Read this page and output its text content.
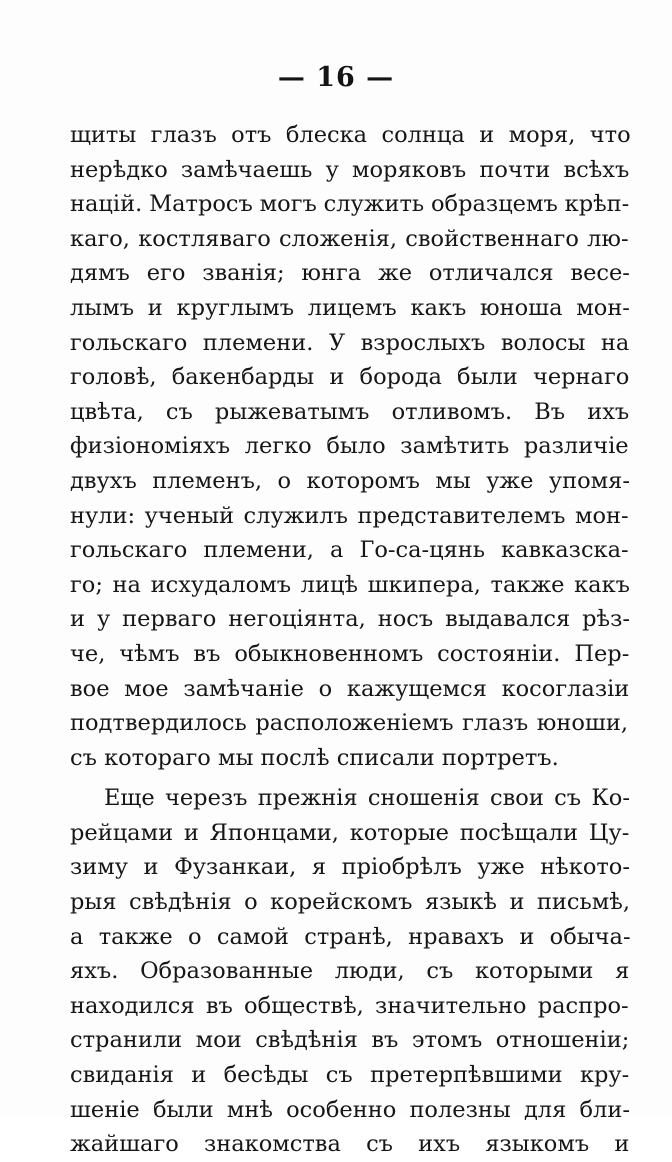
— 16 —
щиты глазъ отъ блеска солнца и моря, что
нерѣдко замѣчаешь у моряковъ почти всѣхъ
націй. Матросъ могъ служить образцемъ крѣп-
каго, костляваго сложенія, свойственнаго лю-
дямъ его званія; юнга же отличался весе-
лымъ и круглымъ лицемъ какъ юноша мон-
гольскаго племени. У взрослыхъ волосы на
головѣ, бакенбарды и борода были чернаго
цвѣта, съ рыжеватымъ отливомъ. Въ ихъ
физіономіяхъ легко было замѣтить различіе
двухъ племенъ, о которомъ мы уже упомя-
нули: ученый служилъ представителемъ мон-
гольскаго племени, а Го-са-цянь кавказска-
го; на исхудаломъ лицѣ шкипера, также какъ
и у перваго негоціянта, носъ выдавался рѣз-
че, чѣмъ въ обыкновенномъ состояніи. Пер-
вое мое замѣчаніе о кажущемся косоглазіи
подтвердилось расположеніемъ глазъ юноши,
съ котораго мы послѣ списали портретъ.
Еще черезъ прежнія сношенія свои съ Ко-
рейцами и Японцами, которые посѣщали Цу-
зиму и Фузанкаи, я пріобрѣлъ уже нѣкото-
рыя свѣдѣнія о корейскомъ языкѣ и письмѣ,
а также о самой странѣ, нравахъ и обыча-
яхъ. Образованные люди, съ которыми я
находился въ обществѣ, значительно распро-
странили мои свѣдѣнія въ этомъ отношеніи;
свиданія и бесѣды съ претерпѣвшими кру-
шеніе были мнѣ особенно полезны для бли-
жайшаго знакомства съ ихъ языкомъ и
